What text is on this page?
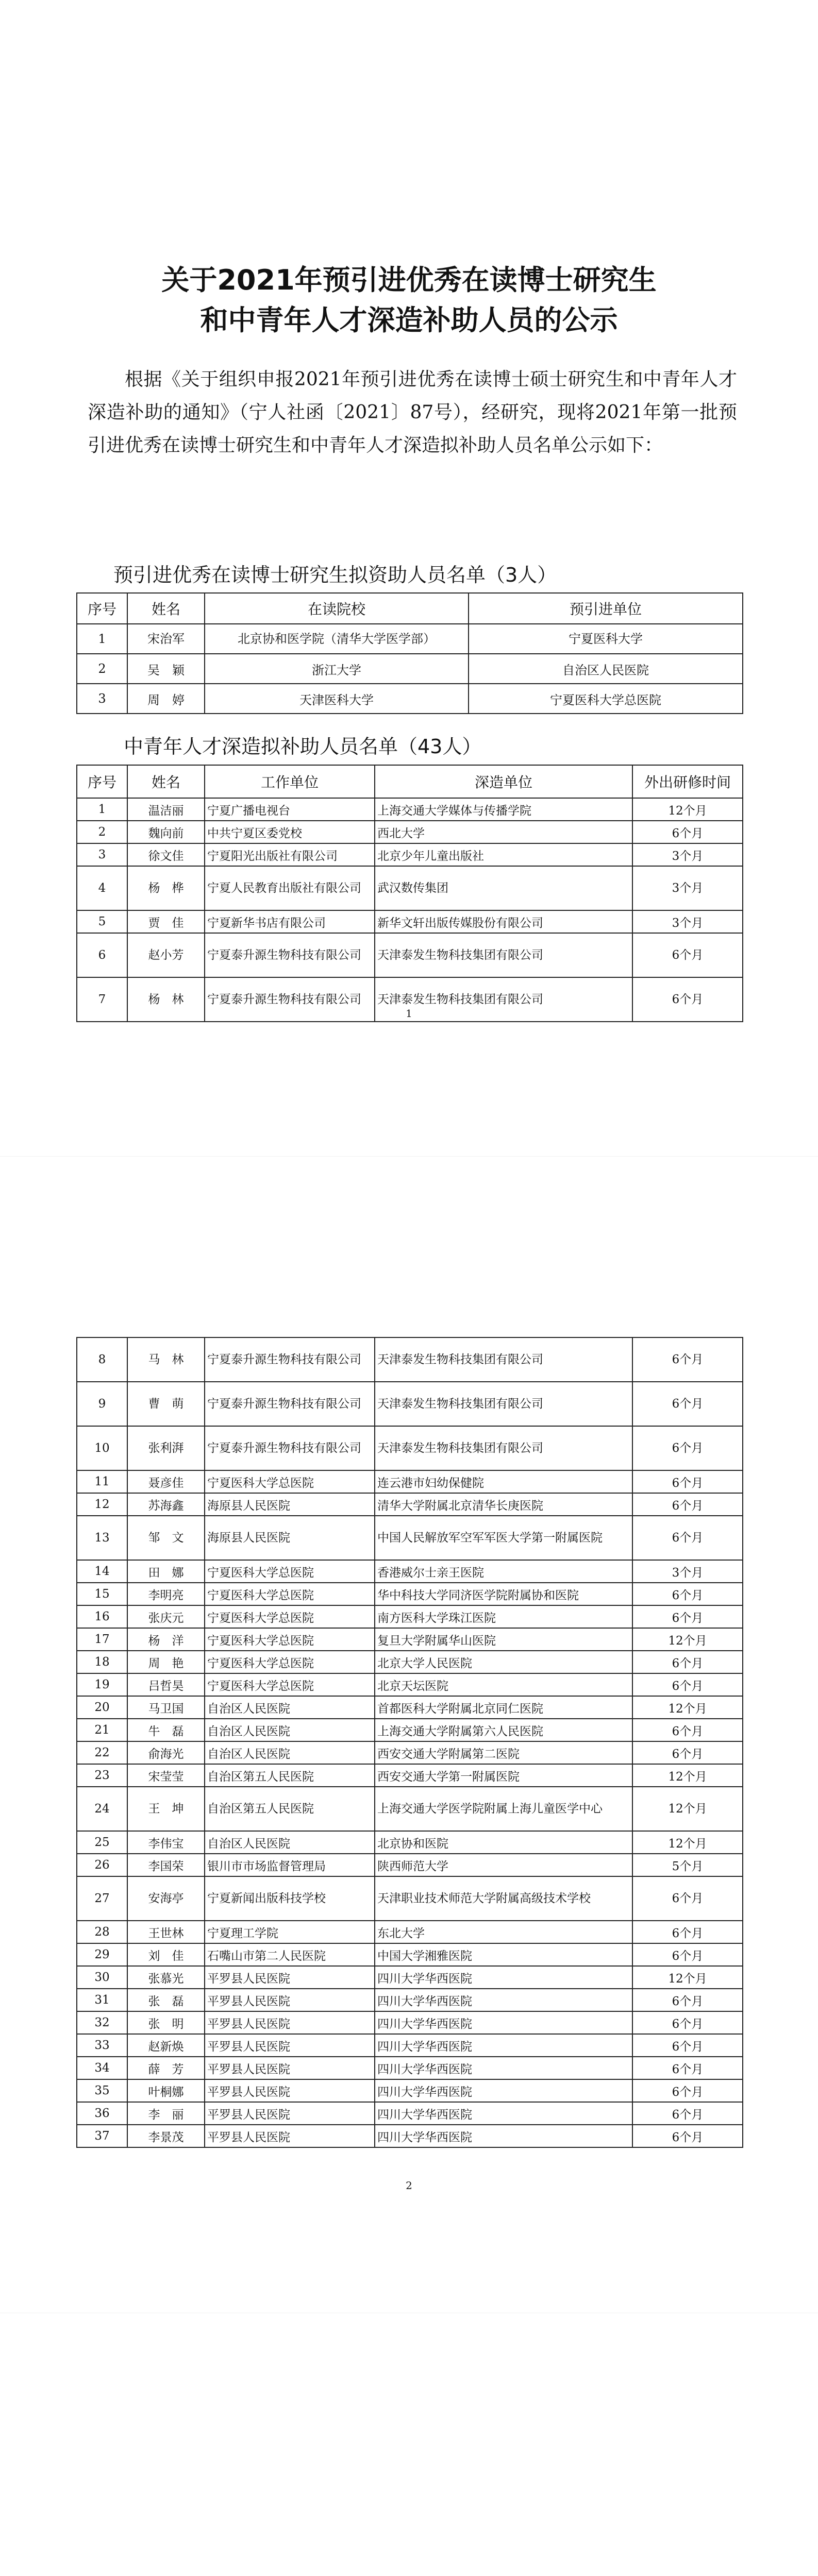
关于2021年预引进优秀在读博士研究生
和中青年人才深造补助人员的公示

根据《关于组织申报2021年预引进优秀在读博士硕士研究生和中青年人才深造补助的通知》（宁人社函〔2021〕87号），经研究，现将2021年第一批预引进优秀在读博士研究生和中青年人才深造拟补助人员名单公示如下：

预引进优秀在读博士研究生拟资助人员名单（3人）
序号	姓名	在读院校	预引进单位
1	宋治军	北京协和医学院（清华大学医学部）	宁夏医科大学
2	吴　颖	浙江大学	自治区人民医院
3	周　婷	天津医科大学	宁夏医科大学总医院
中青年人才深造拟补助人员名单（43人）
序号	姓名	工作单位	深造单位	外出研修时间
1	温洁丽	宁夏广播电视台	上海交通大学媒体与传播学院	12个月
2	魏向前	中共宁夏区委党校	西北大学	6个月
3	徐文佳	宁夏阳光出版社有限公司	北京少年儿童出版社	3个月
4	杨　桦	宁夏人民教育出版社有限公司	武汉数传集团	3个月
5	贾　佳	宁夏新华书店有限公司	新华文轩出版传媒股份有限公司	3个月
6	赵小芳	宁夏泰升源生物科技有限公司	天津泰发生物科技集团有限公司	6个月
7	杨　林	宁夏泰升源生物科技有限公司	天津泰发生物科技集团有限公司	6个月
1
2
8	马　林	宁夏泰升源生物科技有限公司	天津泰发生物科技集团有限公司	6个月
9	曹　萌	宁夏泰升源生物科技有限公司	天津泰发生物科技集团有限公司	6个月
10	张利湃	宁夏泰升源生物科技有限公司	天津泰发生物科技集团有限公司	6个月
11	聂彦佳	宁夏医科大学总医院	连云港市妇幼保健院	6个月
12	苏海鑫	海原县人民医院	清华大学附属北京清华长庚医院	6个月
13	邹　文	海原县人民医院	中国人民解放军空军军医大学第一附属医院	6个月
14	田　娜	宁夏医科大学总医院	香港威尔士亲王医院	3个月
15	李明亮	宁夏医科大学总医院	华中科技大学同济医学院附属协和医院	6个月
16	张庆元	宁夏医科大学总医院	南方医科大学珠江医院	6个月
17	杨　洋	宁夏医科大学总医院	复旦大学附属华山医院	12个月
18	周　艳	宁夏医科大学总医院	北京大学人民医院	6个月
19	吕哲昊	宁夏医科大学总医院	北京天坛医院	6个月
20	马卫国	自治区人民医院	首都医科大学附属北京同仁医院	12个月
21	牛　磊	自治区人民医院	上海交通大学附属第六人民医院	6个月
22	俞海光	自治区人民医院	西安交通大学附属第二医院	6个月
23	宋莹莹	自治区第五人民医院	西安交通大学第一附属医院	12个月
24	王　坤	自治区第五人民医院	上海交通大学医学院附属上海儿童医学中心	12个月
25	李伟宝	自治区人民医院	北京协和医院	12个月
26	李国荣	银川市市场监督管理局	陕西师范大学	5个月
27	安海亭	宁夏新闻出版科技学校	天津职业技术师范大学附属高级技术学校	6个月
28	王世林	宁夏理工学院	东北大学	6个月
29	刘　佳	石嘴山市第二人民医院	中国大学湘雅医院	6个月
30	张慕光	平罗县人民医院	四川大学华西医院	12个月
31	张　磊	平罗县人民医院	四川大学华西医院	6个月
32	张　明	平罗县人民医院	四川大学华西医院	6个月
33	赵新焕	平罗县人民医院	四川大学华西医院	6个月
34	薛　芳	平罗县人民医院	四川大学华西医院	6个月
35	叶桐娜	平罗县人民医院	四川大学华西医院	6个月
36	李　丽	平罗县人民医院	四川大学华西医院	6个月
37	李景茂	平罗县人民医院	四川大学华西医院	6个月
